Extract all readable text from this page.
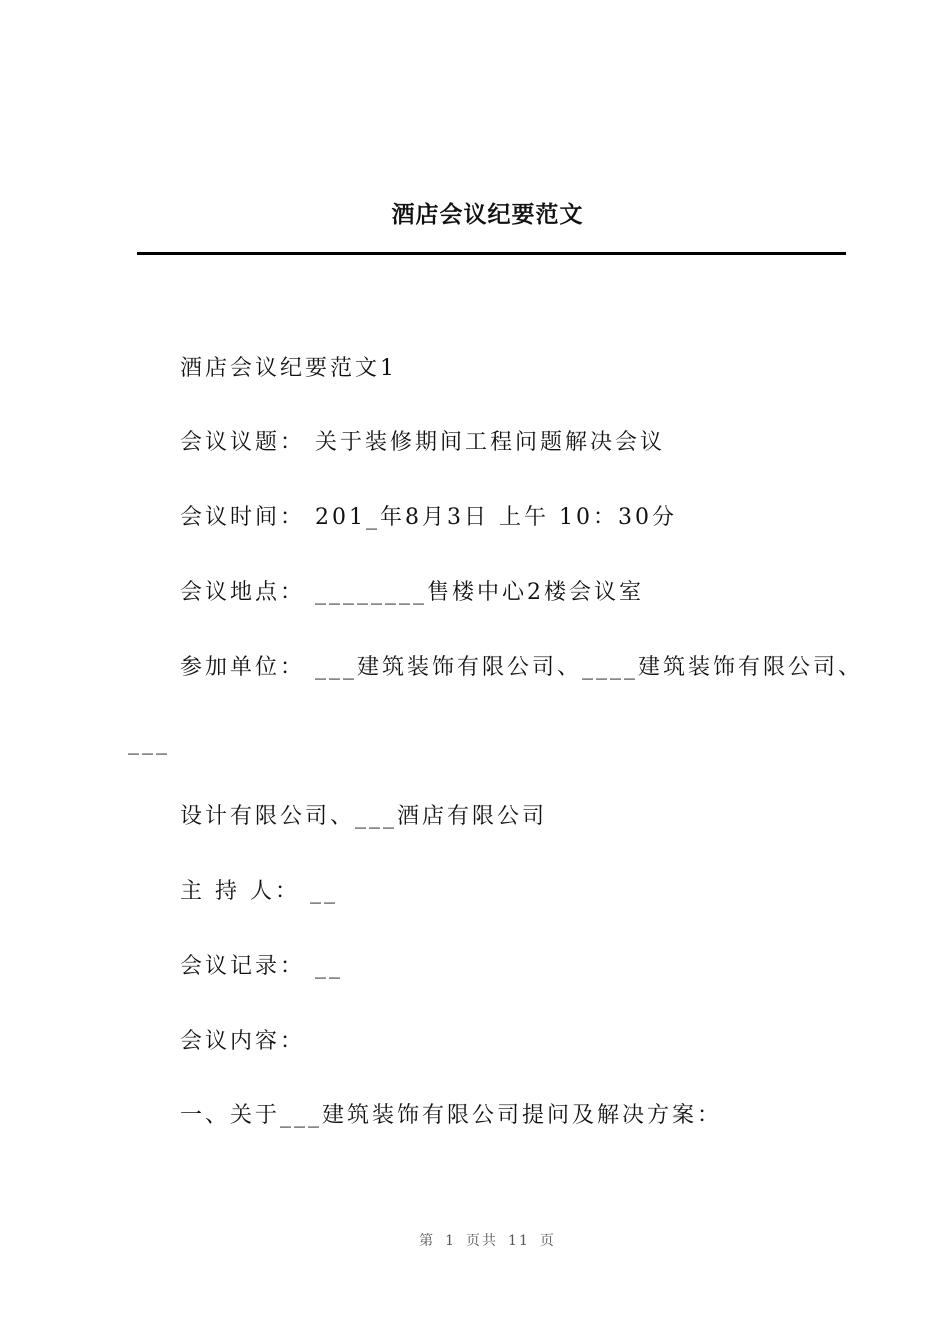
酒店会议纪要范文
酒店会议纪要范文1
会议议题： 关于装修期间工程问题解决会议
会议时间： 201_年8月3日 上午 10：30分
会议地点： ________售楼中心2楼会议室
参加单位： ___建筑装饰有限公司、____建筑装饰有限公司、
___
设计有限公司、___酒店有限公司
主 持 人： __
会议记录： __
会议内容：
一、关于___建筑装饰有限公司提问及解决方案：
第 1 页共 11 页
